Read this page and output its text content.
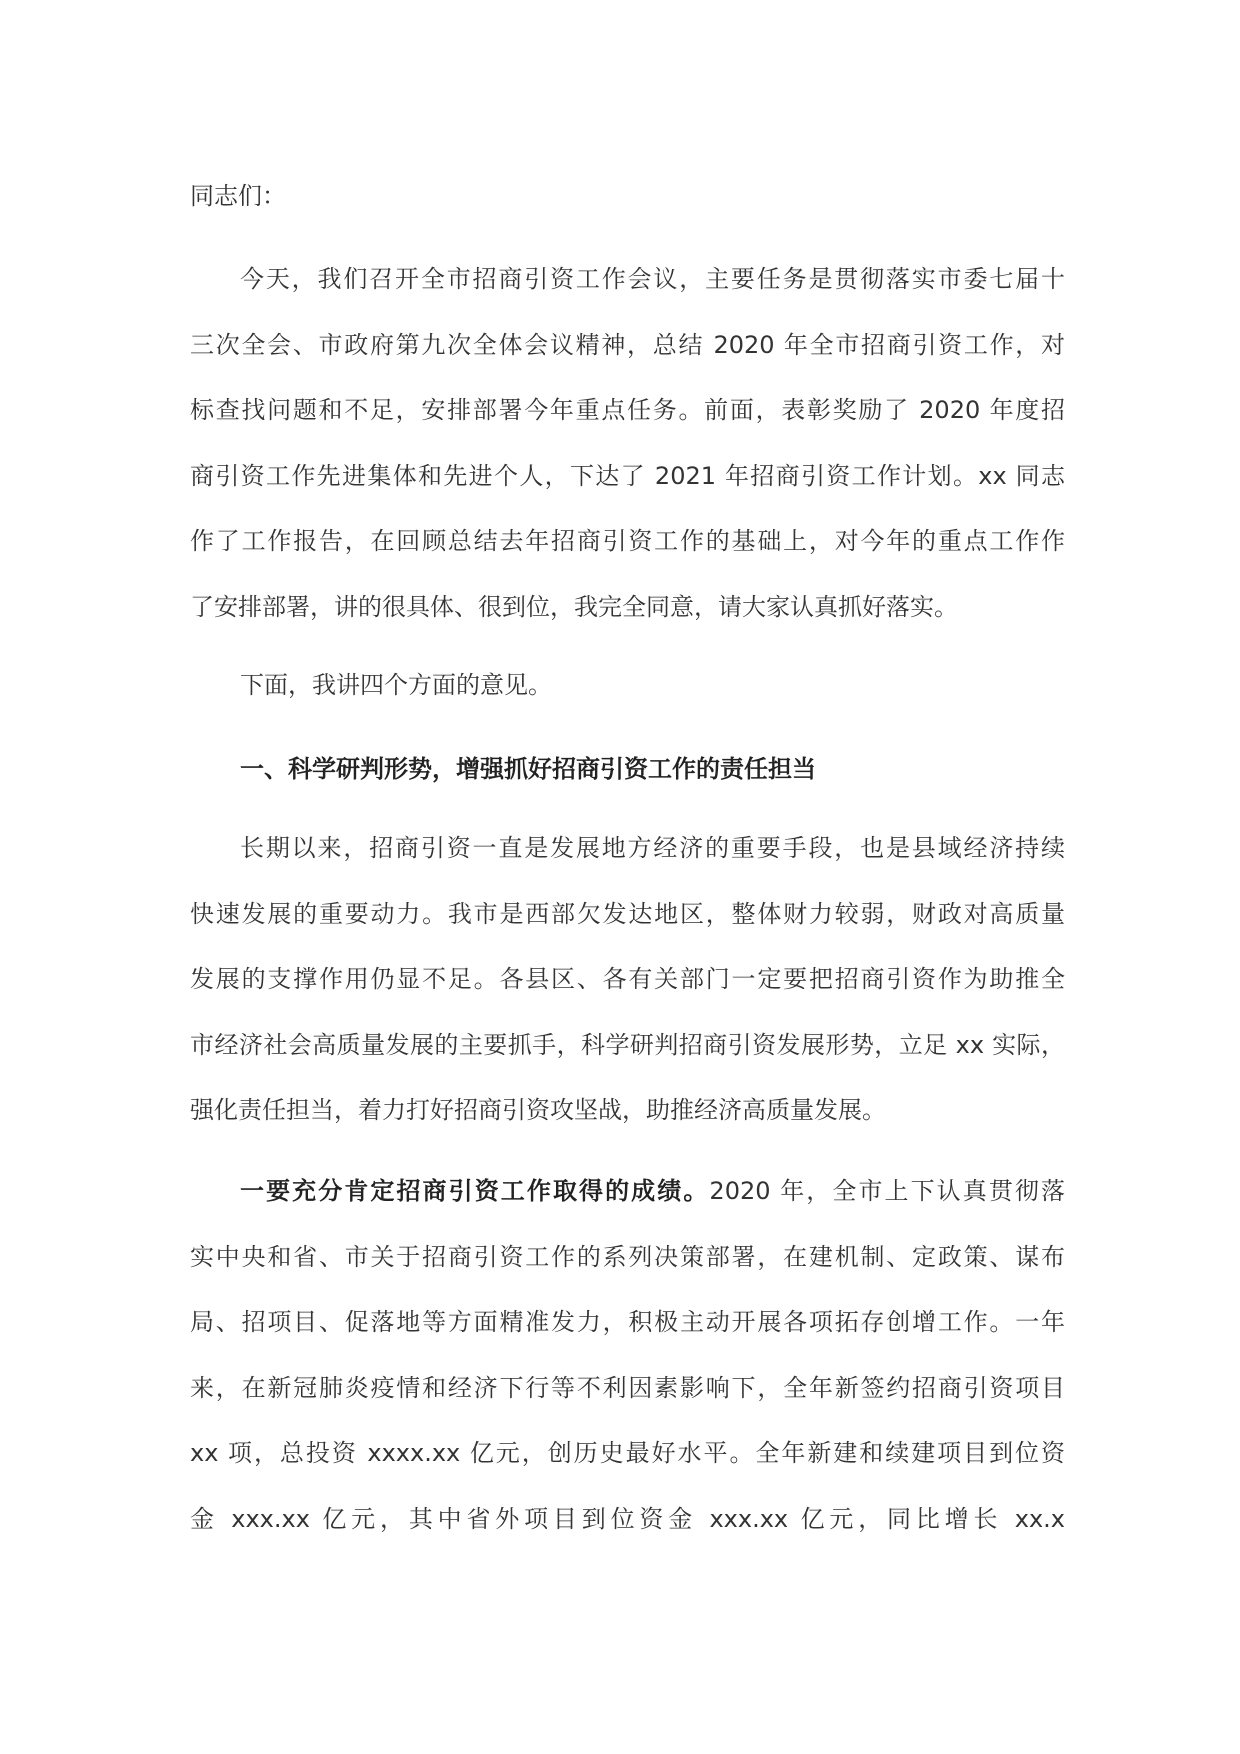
同志们：
今天，我们召开全市招商引资工作会议，主要任务是贯彻落实市委七届十
三次全会、市政府第九次全体会议精神，总结 2020 年全市招商引资工作，对
标查找问题和不足，安排部署今年重点任务。前面，表彰奖励了 2020 年度招
商引资工作先进集体和先进个人，下达了 2021 年招商引资工作计划。xx 同志
作了工作报告，在回顾总结去年招商引资工作的基础上，对今年的重点工作作
了安排部署，讲的很具体、很到位，我完全同意，请大家认真抓好落实。
下面，我讲四个方面的意见。
一、科学研判形势，增强抓好招商引资工作的责任担当
长期以来，招商引资一直是发展地方经济的重要手段，也是县域经济持续
快速发展的重要动力。我市是西部欠发达地区，整体财力较弱，财政对高质量
发展的支撑作用仍显不足。各县区、各有关部门一定要把招商引资作为助推全
市经济社会高质量发展的主要抓手，科学研判招商引资发展形势，立足 xx 实际，
强化责任担当，着力打好招商引资攻坚战，助推经济高质量发展。
一要充分肯定招商引资工作取得的成绩。2020 年，全市上下认真贯彻落
实中央和省、市关于招商引资工作的系列决策部署，在建机制、定政策、谋布
局、招项目、促落地等方面精准发力，积极主动开展各项拓存创增工作。一年
来，在新冠肺炎疫情和经济下行等不利因素影响下，全年新签约招商引资项目
xx 项，总投资 xxxx.xx 亿元，创历史最好水平。全年新建和续建项目到位资
金 xxx.xx 亿元，其中省外项目到位资金 xxx.xx 亿元，同比增长 xx.x
